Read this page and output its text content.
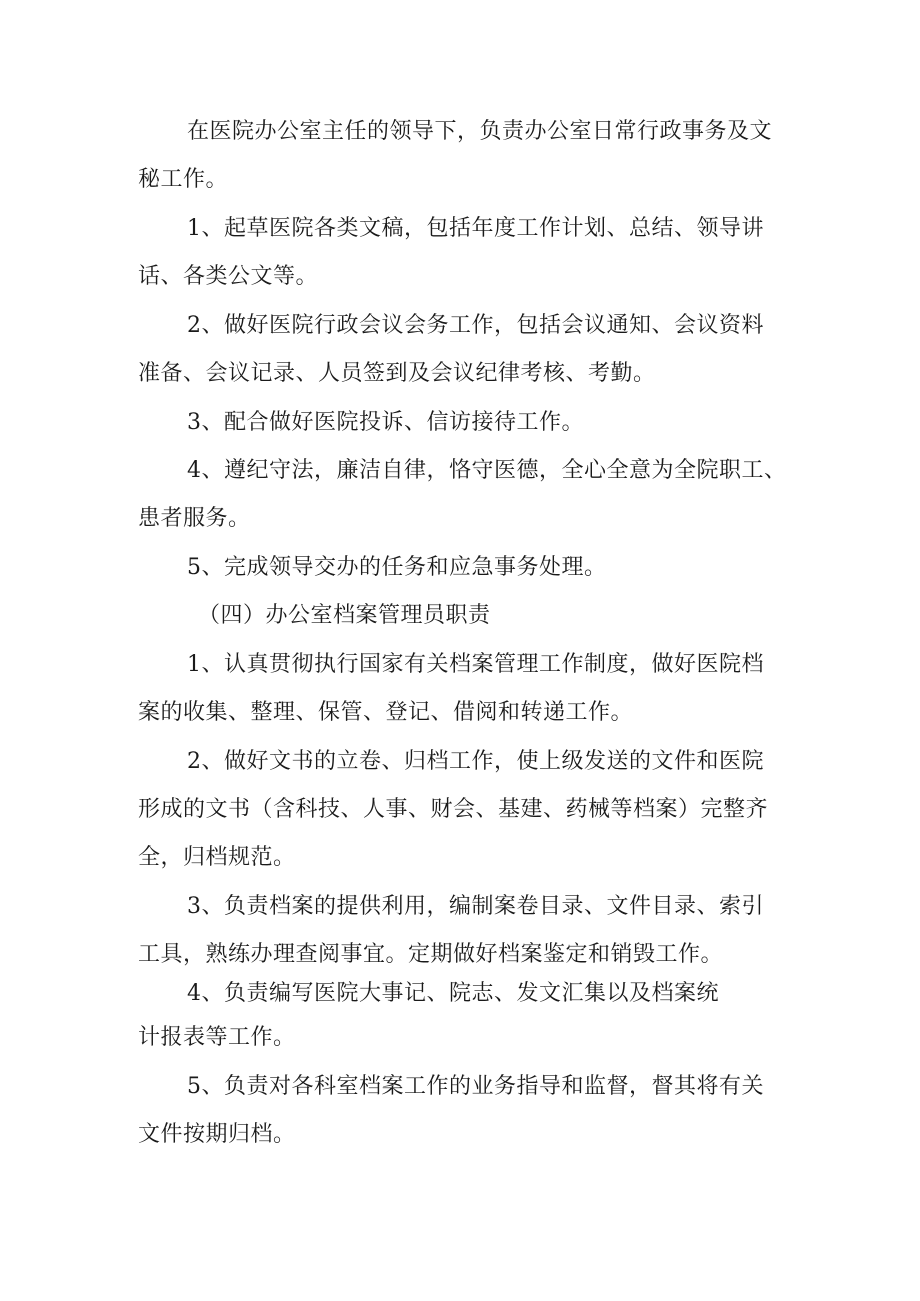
在医院办公室主任的领导下，负责办公室日常行政事务及文
秘工作。
1、起草医院各类文稿，包括年度工作计划、总结、领导讲
话、各类公文等。
2、做好医院行政会议会务工作，包括会议通知、会议资料
准备、会议记录、人员签到及会议纪律考核、考勤。
3、配合做好医院投诉、信访接待工作。
4、遵纪守法，廉洁自律，恪守医德，全心全意为全院职工、
患者服务。
5、完成领导交办的任务和应急事务处理。
（四）办公室档案管理员职责
1、认真贯彻执行国家有关档案管理工作制度，做好医院档
案的收集、整理、保管、登记、借阅和转递工作。
2、做好文书的立卷、归档工作，使上级发送的文件和医院
形成的文书（含科技、人事、财会、基建、药械等档案）完整齐
全，归档规范。
3、负责档案的提供利用，编制案卷目录、文件目录、索引
工具，熟练办理查阅事宜。定期做好档案鉴定和销毁工作。
4、负责编写医院大事记、院志、发文汇集以及档案统
计报表等工作。
5、负责对各科室档案工作的业务指导和监督，督其将有关
文件按期归档。
